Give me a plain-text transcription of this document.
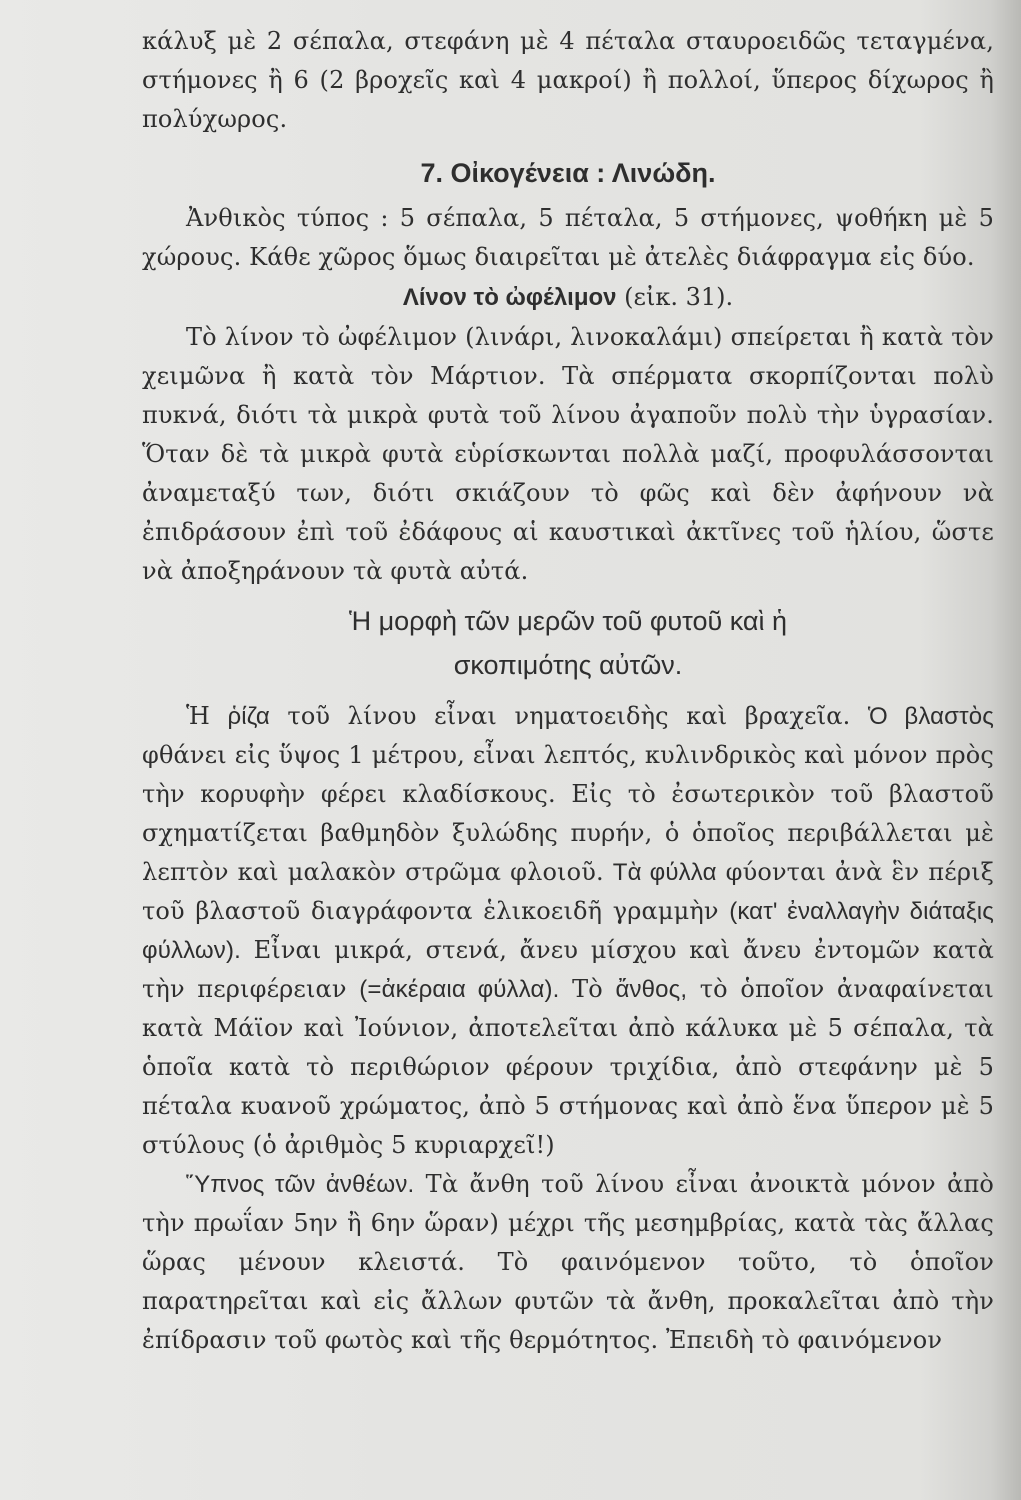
κάλυξ μὲ 2 σέπαλα, στεφάνη μὲ 4 πέταλα σταυροειδῶς τεταγμένα, στήμονες ἢ 6 (2 βροχεῖς καὶ 4 μακροί) ἢ πολλοί, ὕπερος δίχωρος ἢ πολύχωρος.

7. Οἰκογένεια : Λινώδη.

Ἀνθικὸς τύπος : 5 σέπαλα, 5 πέταλα, 5 στήμονες, ψοθήκη μὲ 5 χώρους. Κάθε χῶρος ὅμως διαιρεῖται μὲ ἀτελὲς διάφραγμα εἰς δύο.

Λίνον τὸ ὠφέλιμον (εἰκ. 31).

Τὸ λίνον τὸ ὠφέλιμον (λινάρι, λινοκαλάμι) σπείρεται ἢ κατὰ τὸν χειμῶνα ἢ κατὰ τὸν Μάρτιον. Τὰ σπέρματα σκορπίζονται πολὺ πυκνά, διότι τὰ μικρὰ φυτὰ τοῦ λίνου ἀγαποῦν πολὺ τὴν ὑγρασίαν. Ὅταν δὲ τὰ μικρὰ φυτὰ εὑρίσκωνται πολλὰ μαζί, προφυλάσσονται ἀναμεταξύ των, διότι σκιάζουν τὸ φῶς καὶ δὲν ἀφήνουν νὰ ἐπιδράσουν ἐπὶ τοῦ ἐδάφους αἱ καυστικαὶ ἀκτῖνες τοῦ ἡλίου, ὥστε νὰ ἀποξηράνουν τὰ φυτὰ αὐτά.

Ἡ μορφὴ τῶν μερῶν τοῦ φυτοῦ καὶ ἡ
σκοπιμότης αὐτῶν.

Ἡ ῥίζα τοῦ λίνου εἶναι νηματοειδὴς καὶ βραχεῖα. Ὁ βλαστὸς φθάνει εἰς ὕψος 1 μέτρου, εἶναι λεπτός, κυλινδρικὸς καὶ μόνον πρὸς τὴν κορυφὴν φέρει κλαδίσκους. Εἰς τὸ ἐσωτερικὸν τοῦ βλαστοῦ σχηματίζεται βαθμηδὸν ξυλώδης πυρήν, ὁ ὁποῖος περιβάλλεται μὲ λεπτὸν καὶ μαλακὸν στρῶμα φλοιοῦ. Τὰ φύλλα φύονται ἀνὰ ἓν πέριξ τοῦ βλαστοῦ διαγράφοντα ἑλικοειδῆ γραμμὴν (κατ' ἐναλλαγὴν διάταξις φύλλων). Εἶναι μικρά, στενά, ἄνευ μίσχου καὶ ἄνευ ἐντομῶν κατὰ τὴν περιφέρειαν (=ἀκέραια φύλλα). Τὸ ἄνθος, τὸ ὁποῖον ἀναφαίνεται κατὰ Μάϊον καὶ Ἰούνιον, ἀποτελεῖται ἀπὸ κάλυκα μὲ 5 σέπαλα, τὰ ὁποῖα κατὰ τὸ περιθώριον φέρουν τριχίδια, ἀπὸ στεφάνην μὲ 5 πέταλα κυανοῦ χρώματος, ἀπὸ 5 στήμονας καὶ ἀπὸ ἕνα ὕπερον μὲ 5 στύλους (ὁ ἀριθμὸς 5 κυριαρχεῖ!)

Ὕπνος τῶν ἀνθέων. Τὰ ἄνθη τοῦ λίνου εἶναι ἀνοικτὰ μόνον ἀπὸ τὴν πρωΐαν 5ην ἢ 6ην ὥραν) μέχρι τῆς μεσημβρίας, κατὰ τὰς ἄλλας ὥρας μένουν κλειστά. Τὸ φαινόμενον τοῦτο, τὸ ὁποῖον παρατηρεῖται καὶ εἰς ἄλλων φυτῶν τὰ ἄνθη, προκαλεῖται ἀπὸ τὴν ἐπίδρασιν τοῦ φωτὸς καὶ τῆς θερμότητος. Ἐπειδὴ τὸ φαινόμενον
